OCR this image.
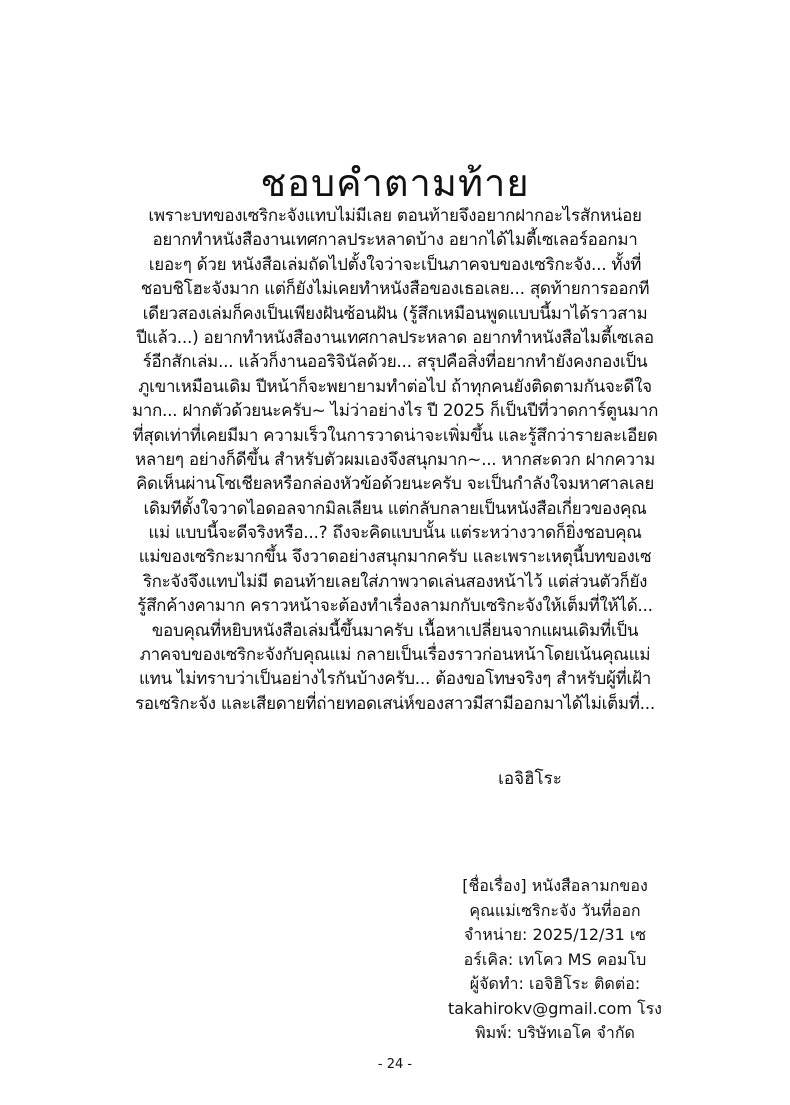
ชอบคำตามท้าย
เพราะบทของเซริกะจังแทบไม่มีเลย ตอนท้ายจึงอยากฝากอะไรสักหน่อย
อยากทำหนังสืองานเทศกาลประหลาดบ้าง อยากได้ไมตี้เซเลอร์ออกมา
เยอะๆ ด้วย หนังสือเล่มถัดไปตั้งใจว่าจะเป็นภาคจบของเซริกะจัง... ทั้งที่
ชอบชิโฮะจังมาก แต่ก็ยังไม่เคยทำหนังสือของเธอเลย... สุดท้ายการออกที
เดียวสองเล่มก็คงเป็นเพียงฝันซ้อนฝัน (รู้สึกเหมือนพูดแบบนี้มาได้ราวสาม
ปีแล้ว...) อยากทำหนังสืองานเทศกาลประหลาด อยากทำหนังสือไมตี้เซเลอ
ร์อีกสักเล่ม... แล้วก็งานออริจินัลด้วย... สรุปคือสิ่งที่อยากทำยังคงกองเป็น
ภูเขาเหมือนเดิม ปีหน้าก็จะพยายามทำต่อไป ถ้าทุกคนยังติดตามกันจะดีใจ
มาก... ฝากตัวด้วยนะครับ~ ไม่ว่าอย่างไร ปี 2025 ก็เป็นปีที่วาดการ์ตูนมาก
ที่สุดเท่าที่เคยมีมา ความเร็วในการวาดน่าจะเพิ่มขึ้น และรู้สึกว่ารายละเอียด
หลายๆ อย่างก็ดีขึ้น สำหรับตัวผมเองจึงสนุกมาก~... หากสะดวก ฝากความ
คิดเห็นผ่านโซเชียลหรือกล่องหัวข้อด้วยนะครับ จะเป็นกำลังใจมหาศาลเลย
เดิมทีตั้งใจวาดไอดอลจากมิลเลียน แต่กลับกลายเป็นหนังสือเกี่ยวของคุณ
แม่ แบบนี้จะดีจริงหรือ...? ถึงจะคิดแบบนั้น แต่ระหว่างวาดก็ยิ่งชอบคุณ
แม่ของเซริกะมากขึ้น จึงวาดอย่างสนุกมากครับ และเพราะเหตุนี้บทของเซ
ริกะจังจึงแทบไม่มี ตอนท้ายเลยใส่ภาพวาดเล่นสองหน้าไว้ แต่ส่วนตัวก็ยัง
รู้สึกค้างคามาก คราวหน้าจะต้องทำเรื่องลามกกับเซริกะจังให้เต็มที่ให้ได้...
ขอบคุณที่หยิบหนังสือเล่มนี้ขึ้นมาครับ เนื้อหาเปลี่ยนจากแผนเดิมที่เป็น
ภาคจบของเซริกะจังกับคุณแม่ กลายเป็นเรื่องราวก่อนหน้าโดยเน้นคุณแม่
แทน ไม่ทราบว่าเป็นอย่างไรกันบ้างครับ... ต้องขอโทษจริงๆ สำหรับผู้ที่เฝ้า
รอเซริกะจัง และเสียดายที่ถ่ายทอดเสน่ห์ของสาวมีสามีออกมาได้ไม่เต็มที่...
เอจิฮิโระ
[ชื่อเรื่อง] หนังสือลามกของ
คุณแม่เซริกะจัง วันที่ออก
จำหน่าย: 2025/12/31 เซ
อร์เคิล: เทโคว MS คอมโบ
ผู้จัดทำ: เอจิฮิโระ ติดต่อ:
takahirokv@gmail.com โรง
พิมพ์: บริษัทเอโค จำกัด
- 24 -
